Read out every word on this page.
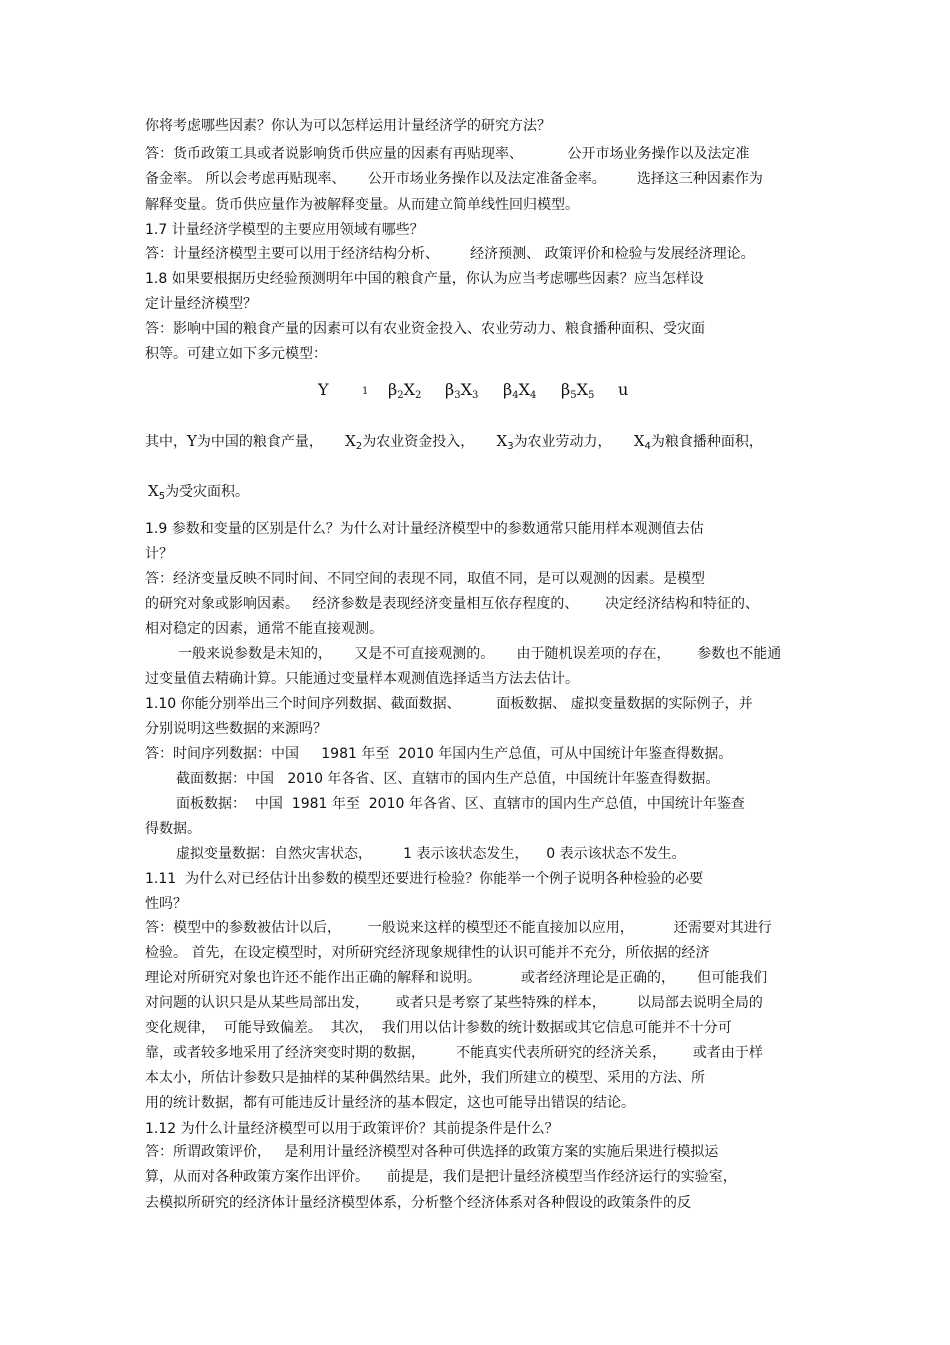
你将考虑哪些因素？你认为可以怎样运用计量经济学的研究方法？
答：货币政策工具或者说影响货币供应量的因素有再贴现率、          公开市场业务操作以及法定准
备金率。 所以会考虑再贴现率、     公开市场业务操作以及法定准备金率。       选择这三种因素作为
解释变量。货币供应量作为被解释变量。从而建立简单线性回归模型。
1.7 计量经济学模型的主要应用领域有哪些？
答：计量经济模型主要可以用于经济结构分析、       经济预测、 政策评价和检验与发展经济理论。
1.8 如果要根据历史经验预测明年中国的粮食产量，你认为应当考虑哪些因素？应当怎样设
定计量经济模型？
答：影响中国的粮食产量的因素可以有农业资金投入、农业劳动力、粮食播种面积、受灾面
积等。可建立如下多元模型：

Y

	1

$\beta_2X_2$

$\beta_3X_3$

$\beta_4X_4$

$\beta_5X_5$

u

其中，Y为中国的粮食产量， $X_2$为农业资金投入， $X_3$为农业劳动力， $X_4$为粮食播种面积，
$X_5$为受灾面积。
1.9 参数和变量的区别是什么？为什么对计量经济模型中的参数通常只能用样本观测值去估
计？
答：经济变量反映不同时间、不同空间的表现不同，取值不同，是可以观测的因素。是模型
的研究对象或影响因素。   经济参数是表现经济变量相互依存程度的、      决定经济结构和特征的、
相对稳定的因素，通常不能直接观测。
一般来说参数是未知的，     又是不可直接观测的。     由于随机误差项的存在，      参数也不能通
过变量值去精确计算。只能通过变量样本观测值选择适当方法去估计。
1.10 你能分别举出三个时间序列数据、截面数据、        面板数据、 虚拟变量数据的实际例子，并
分别说明这些数据的来源吗？
答：时间序列数据：中国     1981 年至  2010 年国内生产总值，可从中国统计年鉴查得数据。
截面数据：中国   2010 年各省、区、直辖市的国内生产总值，中国统计年鉴查得数据。
面板数据：  中国  1981 年至  2010 年各省、区、直辖市的国内生产总值，中国统计年鉴查
得数据。
虚拟变量数据：自然灾害状态，       1 表示该状态发生，    0 表示该状态不发生。
1.11  为什么对已经估计出参数的模型还要进行检验？你能举一个例子说明各种检验的必要
性吗？
答：模型中的参数被估计以后，      一般说来这样的模型还不能直接加以应用，         还需要对其进行
检验。 首先，在设定模型时，对所研究经济现象规律性的认识可能并不充分，所依据的经济
理论对所研究对象也许还不能作出正确的解释和说明。         或者经济理论是正确的，     但可能我们
对问题的认识只是从某些局部出发，      或者只是考察了某些特殊的样本，       以局部去说明全局的
变化规律，  可能导致偏差。  其次，  我们用以估计参数的统计数据或其它信息可能并不十分可
靠，或者较多地采用了经济突变时期的数据，       不能真实代表所研究的经济关系，      或者由于样
本太小，所估计参数只是抽样的某种偶然结果。此外，我们所建立的模型、采用的方法、所
用的统计数据，都有可能违反计量经济的基本假定，这也可能导出错误的结论。
1.12 为什么计量经济模型可以用于政策评价？其前提条件是什么？
答：所谓政策评价，   是利用计量经济模型对各种可供选择的政策方案的实施后果进行模拟运
算，从而对各种政策方案作出评价。    前提是，我们是把计量经济模型当作经济运行的实验室，
去模拟所研究的经济体计量经济模型体系，分析整个经济体系对各种假设的政策条件的反
